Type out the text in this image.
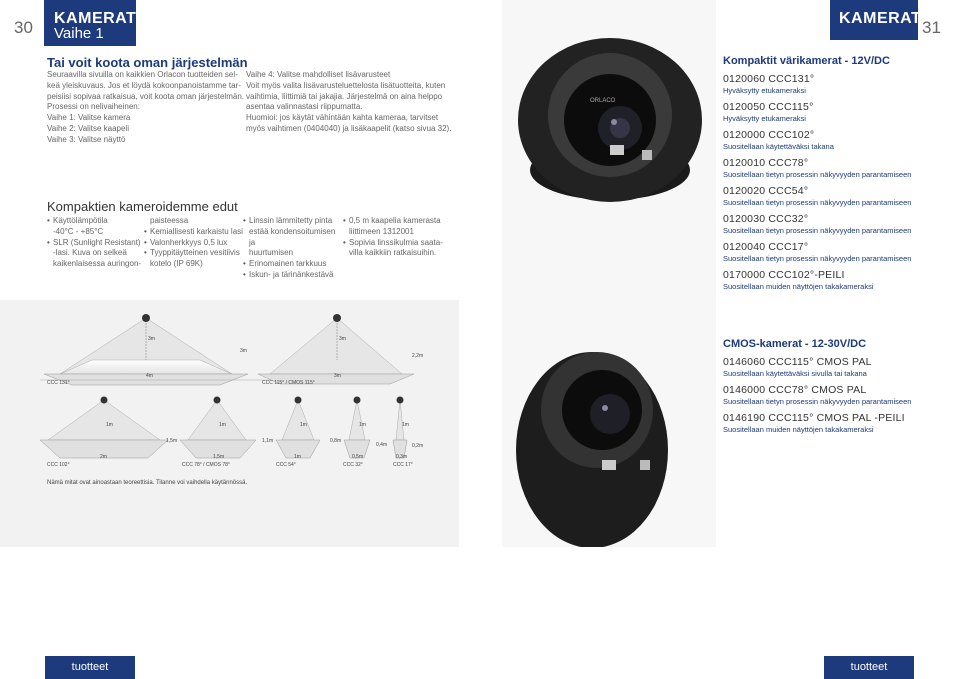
30 KAMERAT
Vaihe 1
Tai voit koota oman järjestelmän
Seuraavilla sivuilla on kaikkien Orlacon tuotteiden sel-
keä yleiskuvaus. Jos et löydä kokoonpanoistamme tar-
peisiisi sopivaa ratkaisua, voit koota oman järjestelmän.
Prosessi on nelivaiheinen:
Vaihe 1: Valitse kamera
Vaihe 2: Valitse kaapeli
Vaihe 3: Valitse näyttö
Vaihe 4: Valitse mahdolliset lisävarusteet
Voit myös valita lisävarusteluettelosta lisätuotteita, kuten
vaihtimia, liittimiä tai jakajia. Järjestelmä on aina helppo
asentaa valinnastasi riippumatta.
Huomioi: jos käytät vähintään kahta kameraa, tarvitset
myös vaihtimen (0404040) ja lisäkaapelit (katso sivua 32).
Kompaktien kameroidemme edut
• Käyttölämpötila
-40°C - +85°C
• SLR (Sunlight Resistant)
-lasi. Kuva on selkeä
kaikenlaisessa auringon-
paisteessa
• Kemiallisesti karkaistu lasi
• Valonherkkyys 0,5 lux
• Tyyppitäytteinen vesitiivis
kotelo (IP 69K)
• Linssin lämmitetty pinta
estää kondensoitumisen ja
huurtumisen
• Erinomainen tarkkuus
• Iskun- ja tärinänkestävä
• 0,5 m kaapelia kamerasta
liittimeen 1312001
• Sopivia linssikulmia saata-
villa kaikkiin ratkaisuihin.
3m
3m
4m
CCC 131°
3m
2,2m
3m
CCC 115° / CMOS 115°
1m
1,5m
2m
CCC 102°
1m
1,1m
1,5m
CCC 78° / CMOS 78°
1m
0,8m
1m
CCC 54°
1m
0,4m
0,5m
CCC 32°
1m
0,2m
0,3m
CCC 17°
Nämä mitat ovat ainoastaan teoreettisia. Tilanne voi vaihdella käytännössä.
tuotteet
ORLACO
KAMERAT 31
Kompaktit värikamerat - 12V/DC
0120060 CCC131°
Hyväksytty etukameraksi
0120050 CCC115°
Hyväksytty etukameraksi
0120000 CCC102°
Suositellaan käytettäväksi takana
0120010 CCC78°
Suositellaan tietyn prosessin näkyvyyden parantamiseen
0120020 CCC54°
Suositellaan tietyn prosessin näkyvyyden parantamiseen
0120030 CCC32°
Suositellaan tietyn prosessin näkyvyyden parantamiseen
0120040 CCC17°
Suositellaan tietyn prosessin näkyvyyden parantamiseen
0170000 CCC102°-PEILI
Suositellaan muiden näyttöjen takakameraksi
CMOS-kamerat - 12-30V/DC
0146060 CCC115° CMOS PAL
Suositellaan käytettäväksi sivulla tai takana
0146000 CCC78° CMOS PAL
Suositellaan tietyn prosessin näkyvyyden parantamiseen
0146190 CCC115° CMOS PAL -PEILI
Suositellaan muiden näyttöjen takakameraksi
tuotteet
